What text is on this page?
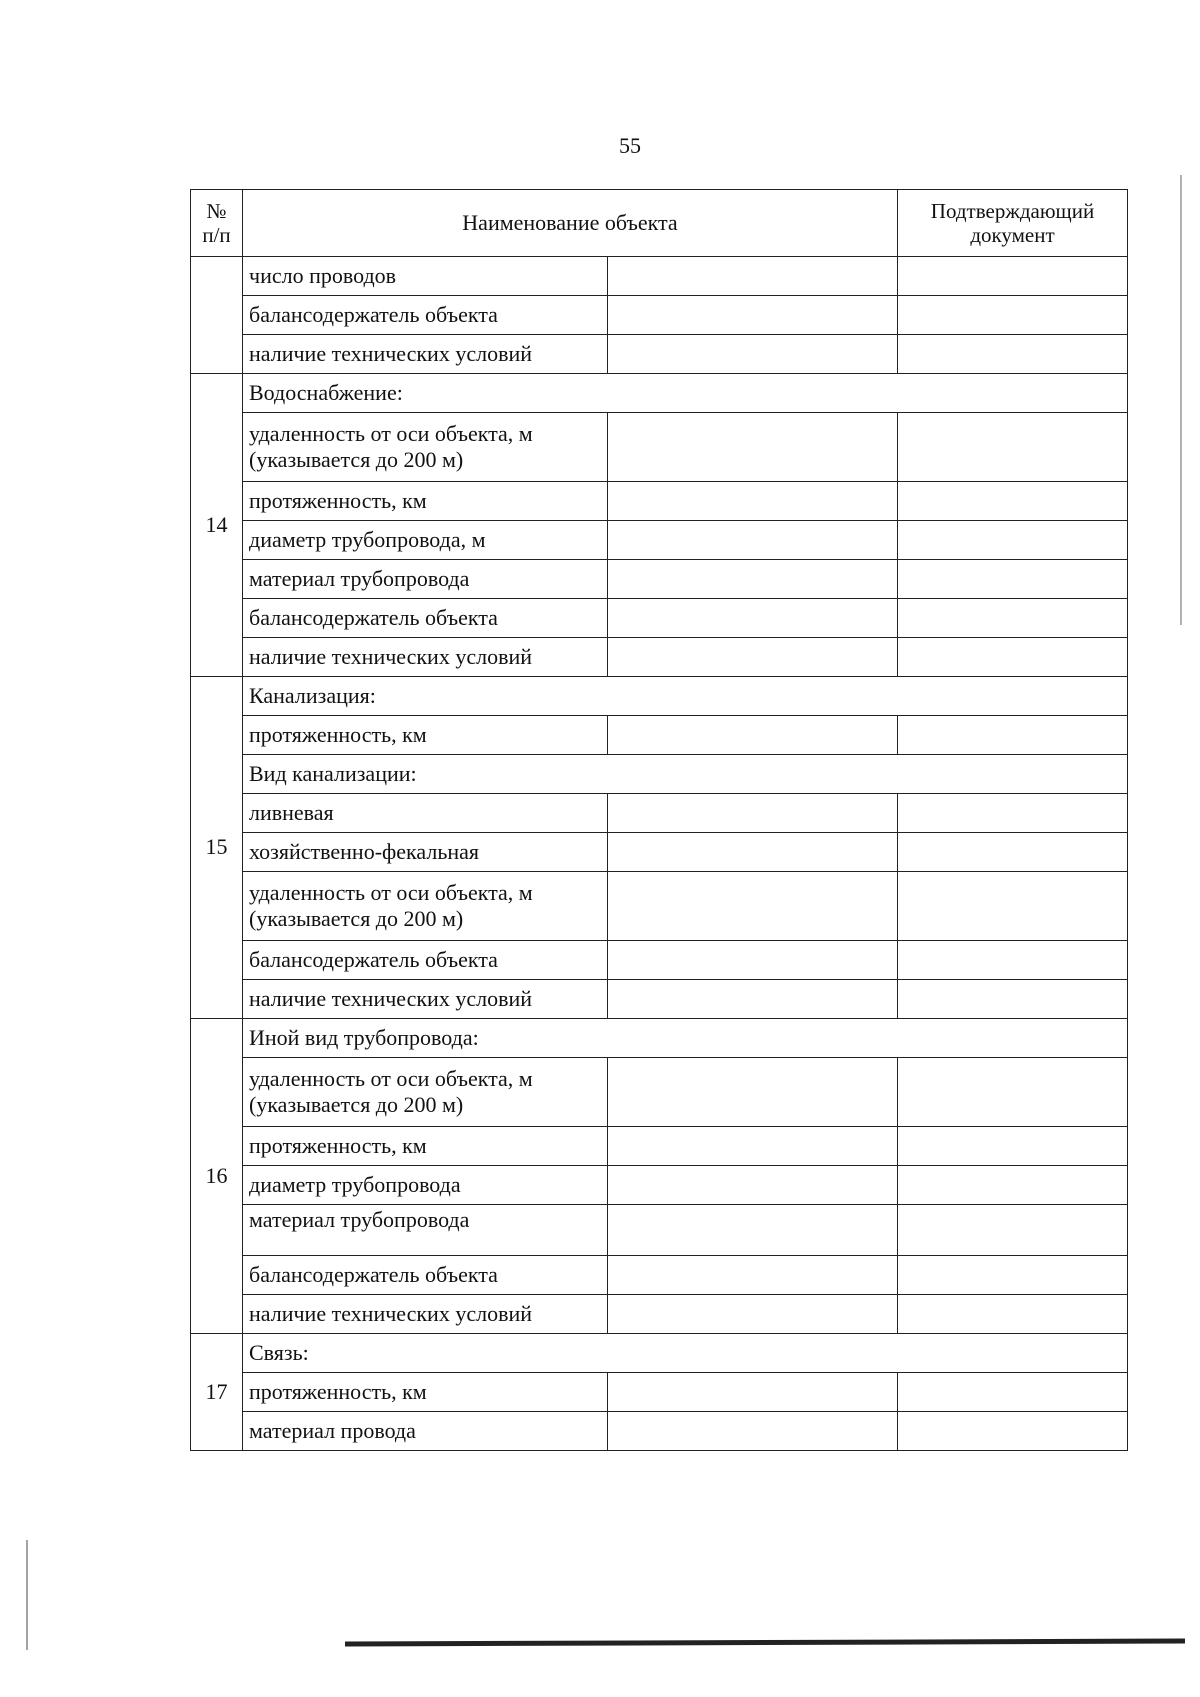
55
№ п/п	Наименование объекта		Подтверждающий документ
	число проводов		
	балансодержатель объекта		
	наличие технических условий		
14	Водоснабжение:		
	удаленность от оси объекта, м (указывается до 200 м)		
	протяженность, км		
	диаметр трубопровода, м		
	материал трубопровода		
	балансодержатель объекта		
	наличие технических условий		
15	Канализация:		
	протяженность, км		
	Вид канализации:		
	ливневая		
	хозяйственно-фекальная		
	удаленность от оси объекта, м (указывается до 200 м)		
	балансодержатель объекта		
	наличие технических условий		
16	Иной вид трубопровода:		
	удаленность от оси объекта, м (указывается до 200 м)		
	протяженность, км		
	диаметр трубопровода		
	материал трубопровода		
	балансодержатель объекта		
	наличие технических условий		
17	Связь:		
	протяженность, км		
	материал провода		
